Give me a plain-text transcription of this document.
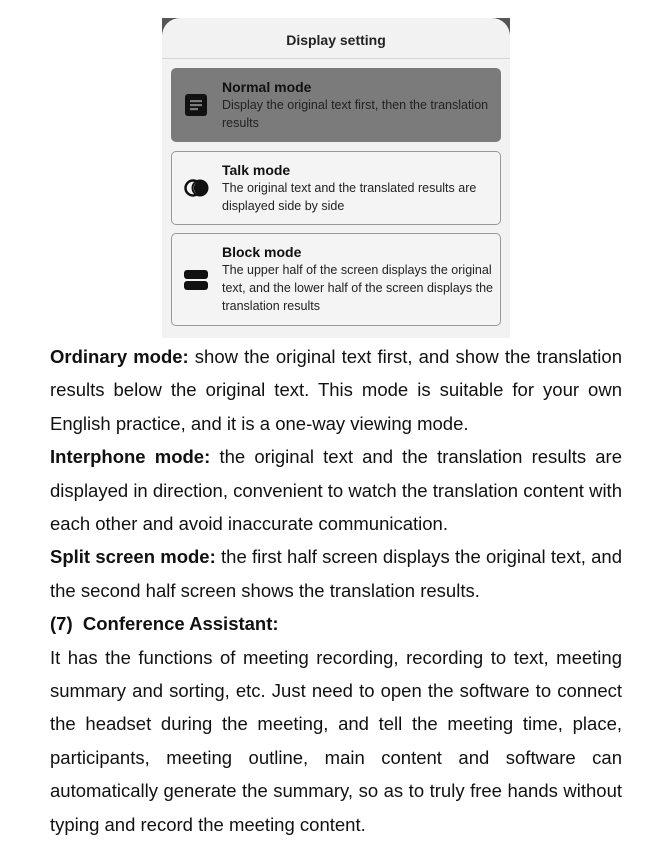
Display setting
Normal mode
Display the original text first, then the translation results
Talk mode
The original text and the translated results are displayed side by side
Block mode
The upper half of the screen displays the original text, and the lower half of the screen displays the translation results

Ordinary mode: show the original text first, and show the translation results below the original text. This mode is suitable for your own English practice, and it is a one-way viewing mode.

Interphone mode: the original text and the translation results are displayed in direction, convenient to watch the translation content with each other and avoid inaccurate communication.

Split screen mode: the first half screen displays the original text, and the second half screen shows the translation results.

(7)  Conference Assistant:

It has the functions of meeting recording, recording to text, meeting summary and sorting, etc. Just need to open the software to connect the headset during the meeting, and tell the meeting time, place, participants, meeting outline, main content and software can automatically generate the summary, so as to truly free hands without typing and record the meeting content.
